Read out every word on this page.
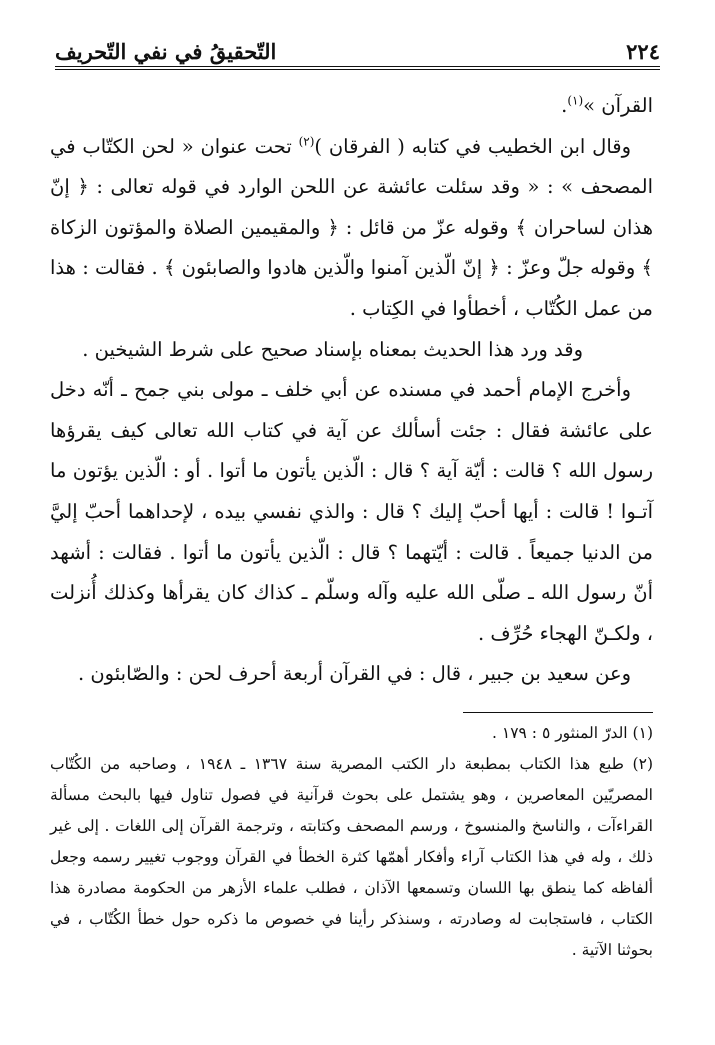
٢٢٤
التّحقيقُ في نفي التّحريف

القرآن »$^{(١)}$.

وقال ابن الخطيب في كتابه ( الفرقان )$^{(٢)}$ تحت عنوان « لحن الكتّاب في المصحف » : « وقد سئلت عائشة عن اللحن الوارد في قوله تعالى : ﴿ إنّ هذان لساحران ﴾ وقوله عزّ من قائل : ﴿ والمقيمين الصلاة والمؤتون الزكاة ﴾ وقوله جلّ وعزّ : ﴿ إنّ الّذين آمنوا والّذين هادوا والصابئون ﴾ . فقالت : هذا من عمل الكُتّاب ، أخطأوا في الكِتاب .

وقد ورد هذا الحديث بمعناه بإسناد صحيح على شرط الشيخين .

وأخرج الإمام أحمد في مسنده عن أبي خلف ـ مولى بني جمح ـ أنّه دخل على عائشة فقال : جئت أسألك عن آية في كتاب الله تعالى كيف يقرؤها رسول الله ؟ قالت : أيّة آية ؟ قال : الّذين يأتون ما أتوا . أو : الّذين يؤتون ما آتـوا ! قالت : أيها أحبّ إليك ؟ قال : والذي نفسي بيده ، لإحداهما أحبّ إليَّ من الدنيا جميعاً . قالت : أيّتهما ؟ قال : الّذين يأتون ما أتوا . فقالت : أشهد أنّ رسول الله ـ صلّى الله عليه وآله وسلّم ـ كذاك كان يقرأها وكذلك أُنزلت ، ولكـنّ الهجاء حُرِّف .

وعن سعيد بن جبير ، قال : في القرآن أربعة أحرف لحن : والصّابئون .

(١) الدرّ المنثور ٥ : ١٧٩ .

(٢) طبع هذا الكتاب بمطبعة دار الكتب المصرية سنة ١٣٦٧ ـ ١٩٤٨ ، وصاحبه من الكُتّاب المصريّين المعاصرين ، وهو يشتمل على بحوث قرآنية في فصول تناول فيها بالبحث مسألة القراءآت ، والناسخ والمنسوخ ، ورسم المصحف وكتابته ، وترجمة القرآن إلى اللغات . إلى غير ذلك ، وله في هذا الكتاب آراء وأفكار أهمّها كثرة الخطأ في القرآن ووجوب تغيير رسمه وجعل ألفاظه كما ينطق بها اللسان وتسمعها الآذان ، فطلب علماء الأزهر من الحكومة مصادرة هذا الكتاب ، فاستجابت له وصادرته ، وسنذكر رأينا في خصوص ما ذكره حول خطأ الكُتّاب ، في بحوثنا الآتية .
